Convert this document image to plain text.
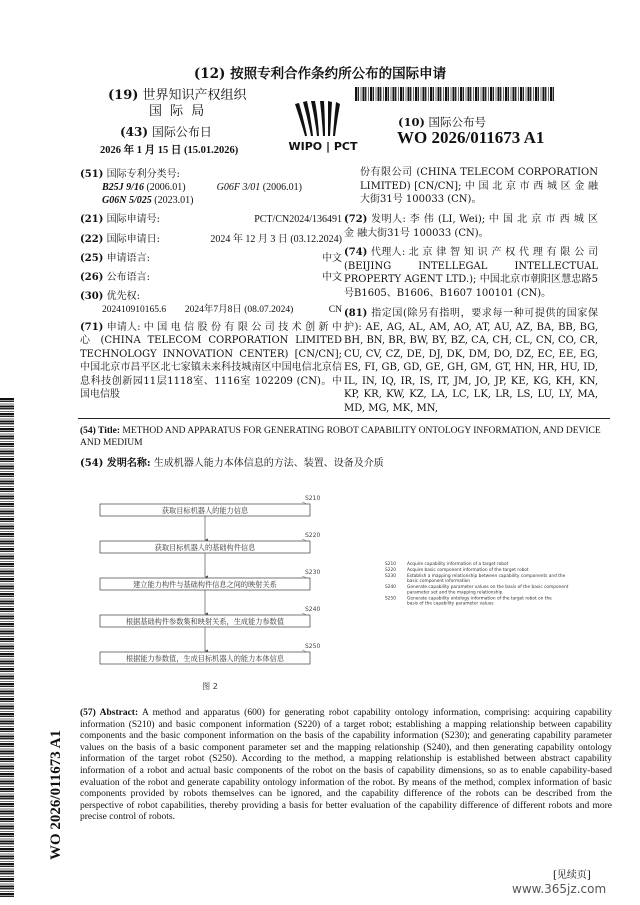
(12) 按照专利合作条约所公布的国际申请
(19) 世界知识产权组织
国 际 局
(43) 国际公布日
2026 年 1 月 15 日 (15.01.2026)	WIPO | PCT
(10) 国际公布号
WO 2026/011673 A1
(51) 国际专利分类号:
B25J 9/16 (2006.01)	G06F 3/01 (2006.01)
G06N 5/025 (2023.01)
(21) 国际申请号:	PCT/CN2024/136491
(22) 国际申请日:	2024 年 12 月 3 日 (03.12.2024)
(25) 申请语言:	中文
(26) 公布语言:	中文
(30) 优先权:
202410910165.6 2024年7月8日 (08.07.2024)	CN
(71) 申请人: 中 国 电 信 股 份 有 限 公 司 技 术 创 新 中 心 (CHINA TELECOM CORPORATION LIMITED TECHNOLOGY INNOVATION CENTER) [CN/CN]; 中国北京市昌平区北七家镇未来科技城南区中国电信北京信息科技创新园11层1118室、1116室 102209 (CN)。中国电信股
份有限公司 (CHINA TELECOM CORPORATION LIMITED) [CN/CN]; 中 国 北 京 市 西 城 区 金 融 大街31号 100033 (CN)。
(72) 发明人: 李 伟 (LI, Wei); 中 国 北 京 市 西 城 区 金 融大街31号 100033 (CN)。
(74) 代理人: 北 京 律 智 知 识 产 权 代 理 有 限 公 司 (BEIJING INTELLEGAL INTELLECTUAL PROPERTY AGENT LTD.); 中国北京市朝阳区慧忠路5号B1605、B1606、B1607 100101 (CN)。
(81) 指定国(除另有指明，要求每一种可提供的国家保护): AE, AG, AL, AM, AO, AT, AU, AZ, BA, BB, BG, BH, BN, BR, BW, BY, BZ, CA, CH, CL, CN, CO, CR, CU, CV, CZ, DE, DJ, DK, DM, DO, DZ, EC, EE, EG, ES, FI, GB, GD, GE, GH, GM, GT, HN, HR, HU, ID, IL, IN, IQ, IR, IS, IT, JM, JO, JP, KE, KG, KH, KN, KP, KR, KW, KZ, LA, LC, LK, LR, LS, LU, LY, MA, MD, MG, MK, MN,
WO 2026/011673 A1
(54) Title: METHOD AND APPARATUS FOR GENERATING ROBOT CAPABILITY ONTOLOGY INFORMATION, AND DEVICE AND MEDIUM
(54) 发明名称: 生成机器人能力本体信息的方法、装置、设备及介质
S210
获取目标机器人的能力信息
S220
获取目标机器人的基础构件信息
S230
建立能力构件与基础构件信息之间的映射关系
S240
根据基础构件参数集和映射关系，生成能力参数值
S250
根据能力参数值，生成目标机器人的能力本体信息
图 2
S210	Acquire capability information of a target robot
S220	Acquire basic component information of the target robot
S230	Establish a mapping relationship between capability components and the
basic component information
S240	Generate capability parameter values on the basis of the basic component
parameter set and the mapping relationship
S250	Generate capability ontology information of the target robot on the
basis of the capability parameter values
(57) Abstract: A method and apparatus (600) for generating robot capability ontology information, comprising: acquiring capability information (S210) and basic component information (S220) of a target robot; establishing a mapping relationship between capability components and the basic component information on the basis of the capability information (S230); and generating capability parameter values on the basis of a basic component parameter set and the mapping relationship (S240), and then generating capability ontology information of the target robot (S250). According to the method, a mapping relationship is established between abstract capability information of a robot and actual basic components of the robot on the basis of capability dimensions, so as to enable capability-based evaluation of the robot and generate capability ontology information of the robot. By means of the method, complex information of basic components provided by robots themselves can be ignored, and the capability difference of the robots can be described from the perspective of robot capabilities, thereby providing a basis for better evaluation of the capability difference of different robots and more precise control of robots.
[见续页]
www.365jz.com
